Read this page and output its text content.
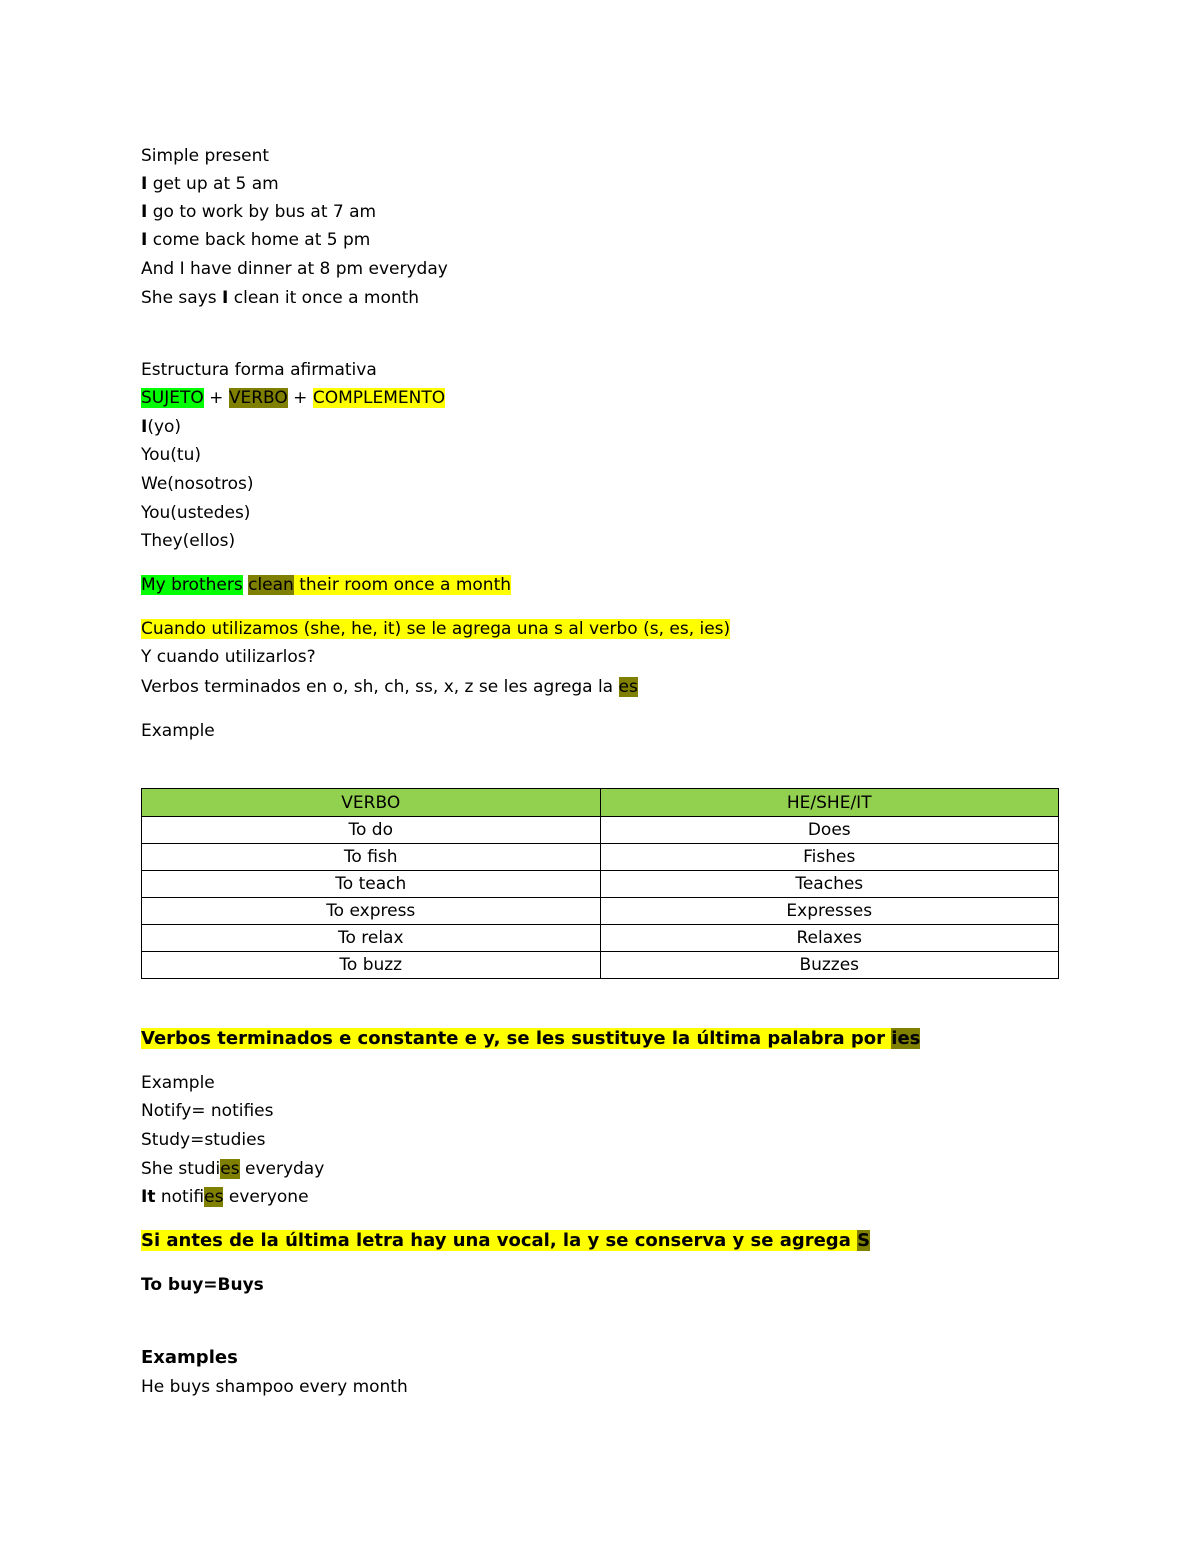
Simple present
I get up at 5 am
I go to work by bus at 7 am
I come back home at 5 pm
And I have dinner at 8 pm everyday
She says I clean it once a month
Estructura forma afirmativa
SUJETO + VERBO + COMPLEMENTO
I(yo)
You(tu)
We(nosotros)
You(ustedes)
They(ellos)
My brothers clean their room once a month
Cuando utilizamos (she, he, it) se le agrega una s al verbo (s, es, ies)
Y cuando utilizarlos?
Verbos terminados en o, sh, ch, ss, x, z se les agrega la es
Example
VERBO	HE/SHE/IT
To do	Does
To fish	Fishes
To teach	Teaches
To express	Expresses
To relax	Relaxes
To buzz	Buzzes
Verbos terminados e constante e y, se les sustituye la última palabra por ies
Example
Notify= notifies
Study=studies
She studies everyday
It notifies everyone
Si antes de la última letra hay una vocal, la y se conserva y se agrega S
To buy=Buys
Examples
He buys shampoo every month
